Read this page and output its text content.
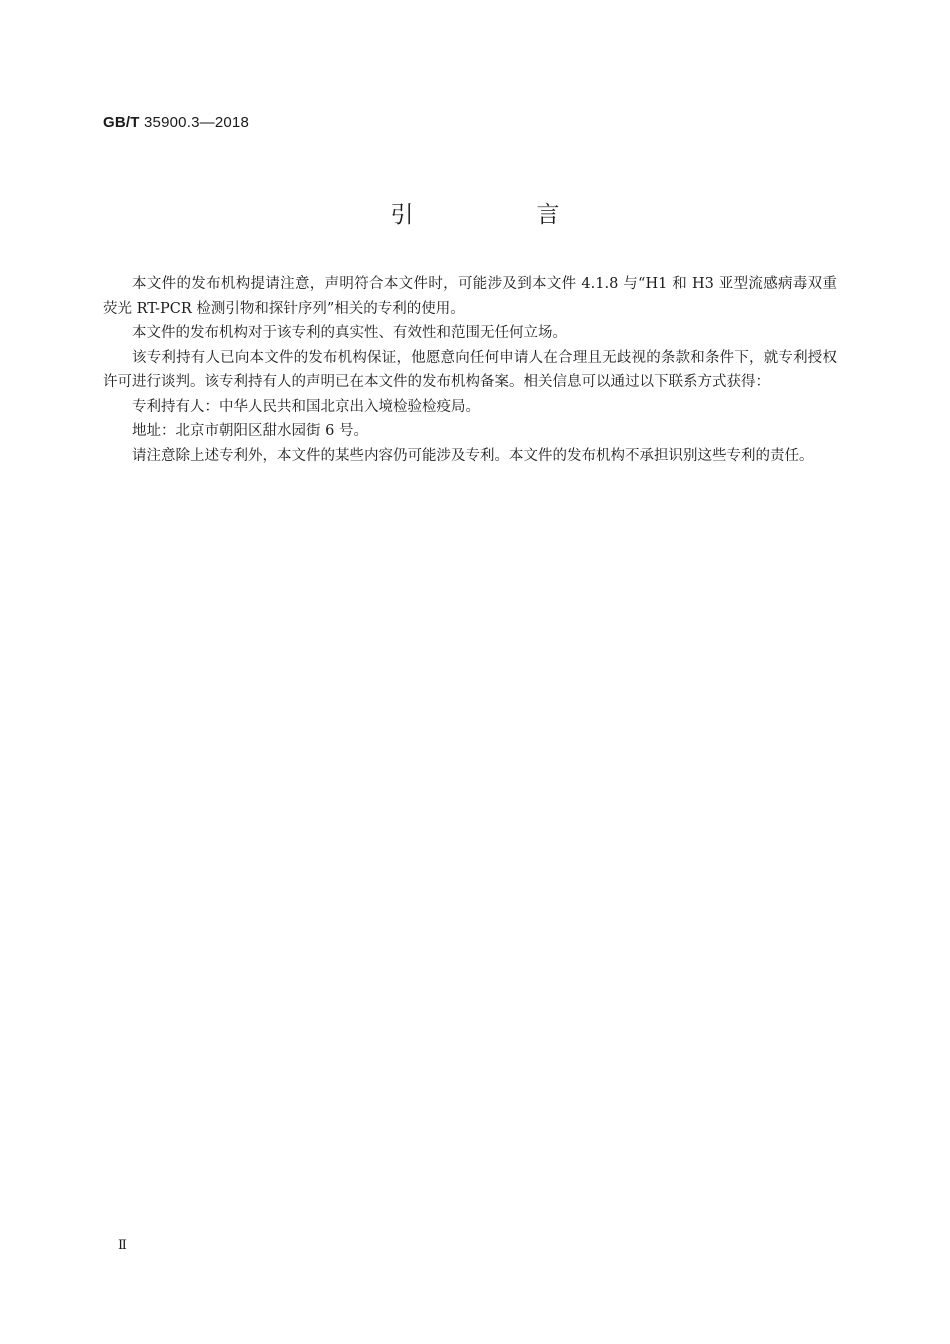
GB/T 35900.3—2018
引　言

本文件的发布机构提请注意，声明符合本文件时，可能涉及到本文件 4.1.8 与“H1 和 H3 亚型流感病毒双重荧光 RT-PCR 检测引物和探针序列”相关的专利的使用。

本文件的发布机构对于该专利的真实性、有效性和范围无任何立场。

该专利持有人已向本文件的发布机构保证，他愿意向任何申请人在合理且无歧视的条款和条件下，就专利授权许可进行谈判。该专利持有人的声明已在本文件的发布机构备案。相关信息可以通过以下联系方式获得：

专利持有人：中华人民共和国北京出入境检验检疫局。

地址：北京市朝阳区甜水园街 6 号。

请注意除上述专利外，本文件的某些内容仍可能涉及专利。本文件的发布机构不承担识别这些专利的责任。

Ⅱ
